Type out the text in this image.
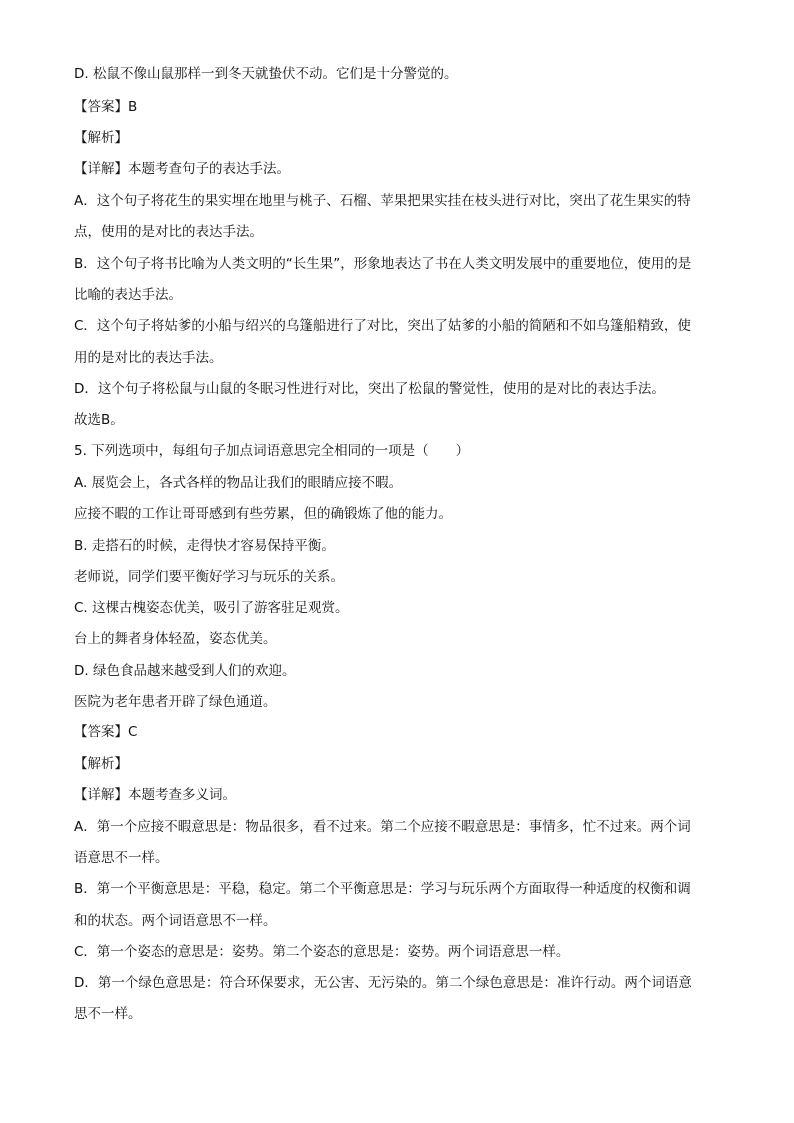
D. 松鼠不像山鼠那样一到冬天就蛰伏不动。它们是十分警觉的。
【答案】B
【解析】
【详解】本题考查句子的表达手法。
A．这个句子将花生的果实埋在地里与桃子、石榴、苹果把果实挂在枝头进行对比，突出了花生果实的特
点，使用的是对比的表达手法。
B．这个句子将书比喻为人类文明的“长生果”，形象地表达了书在人类文明发展中的重要地位，使用的是
比喻的表达手法。
C．这个句子将姑爹的小船与绍兴的乌篷船进行了对比，突出了姑爹的小船的简陋和不如乌篷船精致，使
用的是对比的表达手法。
D．这个句子将松鼠与山鼠的冬眠习性进行对比，突出了松鼠的警觉性，使用的是对比的表达手法。
故选B。
5. 下列选项中，每组句子加点词语意思完全相同的一项是（　　）
A. 展览会上，各式各样的物品让我们的眼睛应接不暇。
应接不暇的工作让哥哥感到有些劳累，但的确锻炼了他的能力。
B. 走搭石的时候，走得快才容易保持平衡。
老师说，同学们要平衡好学习与玩乐的关系。
C. 这棵古槐姿态优美，吸引了游客驻足观赏。
台上的舞者身体轻盈，姿态优美。
D. 绿色食品越来越受到人们的欢迎。
医院为老年患者开辟了绿色通道。
【答案】C
【解析】
【详解】本题考查多义词。
A．第一个应接不暇意思是：物品很多，看不过来。第二个应接不暇意思是：事情多，忙不过来。两个词
语意思不一样。
B．第一个平衡意思是：平稳，稳定。第二个平衡意思是：学习与玩乐两个方面取得一种适度的权衡和调
和的状态。两个词语意思不一样。
C．第一个姿态的意思是：姿势。第二个姿态的意思是：姿势。两个词语意思一样。
D．第一个绿色意思是：符合环保要求，无公害、无污染的。第二个绿色意思是：准许行动。两个词语意
思不一样。
